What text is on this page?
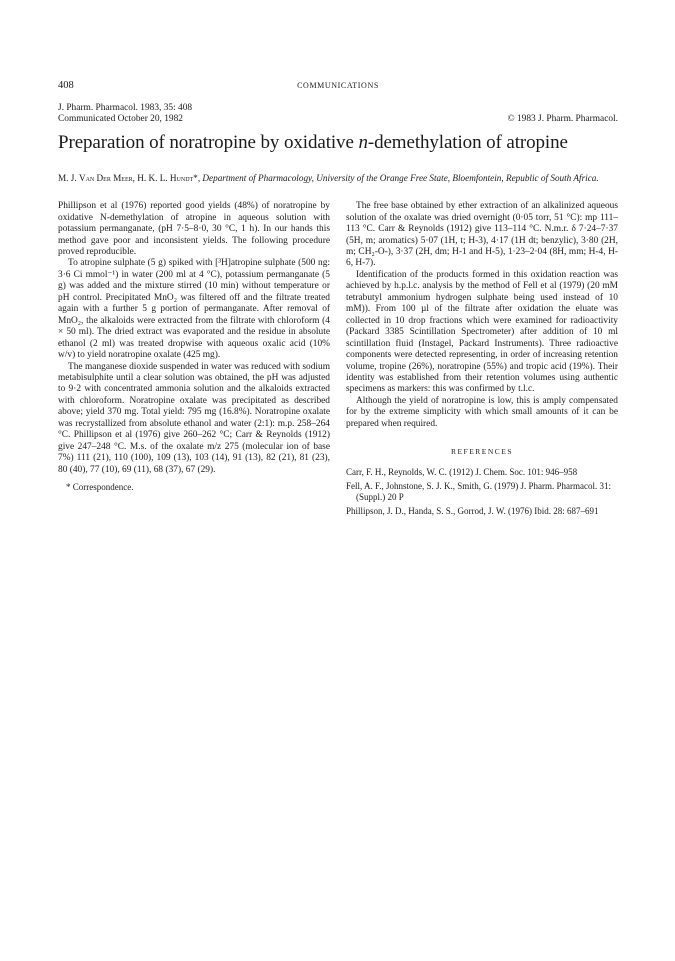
408	COMMUNICATIONS
J. Pharm. Pharmacol. 1983, 35: 408
Communicated October 20, 1982	© 1983 J. Pharm. Pharmacol.
Preparation of noratropine by oxidative n-demethylation of atropine
M. J. Van Der Meer, H. K. L. Hundt*, Department of Pharmacology, University of the Orange Free State, Bloemfontein, Republic of South Africa.

Phillipson et al (1976) reported good yields (48%) of noratropine by oxidative N-demethylation of atropine in aqueous solution with potassium permanganate, (pH 7·5–8·0, 30 °C, 1 h). In our hands this method gave poor and inconsistent yields. The following procedure proved reproducible.

To atropine sulphate (5 g) spiked with [³H]atropine sulphate (500 ng: 3·6 Ci mmol⁻¹) in water (200 ml at 4 °C), potassium permanganate (5 g) was added and the mixture stirred (10 min) without temperature or pH control. Precipitated MnO₂ was filtered off and the filtrate treated again with a further 5 g portion of permanganate. After removal of MnO₂, the alkaloids were extracted from the filtrate with chloroform (4 × 50 ml). The dried extract was evaporated and the residue in absolute ethanol (2 ml) was treated dropwise with aqueous oxalic acid (10% w/v) to yield noratropine oxalate (425 mg).

The manganese dioxide suspended in water was reduced with sodium metabisulphite until a clear solution was obtained, the pH was adjusted to 9·2 with concentrated ammonia solution and the alkaloids extracted with chloroform. Noratropine oxalate was precipitated as described above; yield 370 mg. Total yield: 795 mg (16.8%). Noratropine oxalate was recrystallized from absolute ethanol and water (2:1): m.p. 258–264 °C. Phillipson et al (1976) give 260–262 °C; Carr & Reynolds (1912) give 247–248 °C. M.s. of the oxalate m/z 275 (molecular ion of base 7%) 111 (21), 110 (100), 109 (13), 103 (14), 91 (13), 82 (21), 81 (23), 80 (40), 77 (10), 69 (11), 68 (37), 67 (29).

* Correspondence.

The free base obtained by ether extraction of an alkalinized aqueous solution of the oxalate was dried overnight (0·05 torr, 51 °C): mp 111–113 °C. Carr & Reynolds (1912) give 113–114 °C. N.m.r. δ 7·24–7·37 (5H, m; aromatics) 5·07 (1H, t; H-3), 4·17 (1H dt; benzylic), 3·80 (2H, m; CH₂-O-), 3·37 (2H, dm; H-1 and H-5), 1·23–2·04 (8H, mm; H-4, H-6, H-7).

Identification of the products formed in this oxidation reaction was achieved by h.p.l.c. analysis by the method of Fell et al (1979) (20 mM tetrabutyl ammonium hydrogen sulphate being used instead of 10 mM)). From 100 µl of the filtrate after oxidation the eluate was collected in 10 drop fractions which were examined for radioactivity (Packard 3385 Scintillation Spectrometer) after addition of 10 ml scintillation fluid (Instagel, Packard Instruments). Three radioactive components were detected representing, in order of increasing retention volume, tropine (26%), noratropine (55%) and tropic acid (19%). Their identity was established from their retention volumes using authentic specimens as markers: this was confirmed by t.l.c.

Although the yield of noratropine is low, this is amply compensated for by the extreme simplicity with which small amounts of it can be prepared when required.

REFERENCES
Carr, F. H., Reynolds, W. C. (1912) J. Chem. Soc. 101: 946–958
Fell, A. F., Johnstone, S. J. K., Smith, G. (1979) J. Pharm. Pharmacol. 31: (Suppl.) 20 P
Phillipson, J. D., Handa, S. S., Gorrod, J. W. (1976) Ibid. 28: 687–691
